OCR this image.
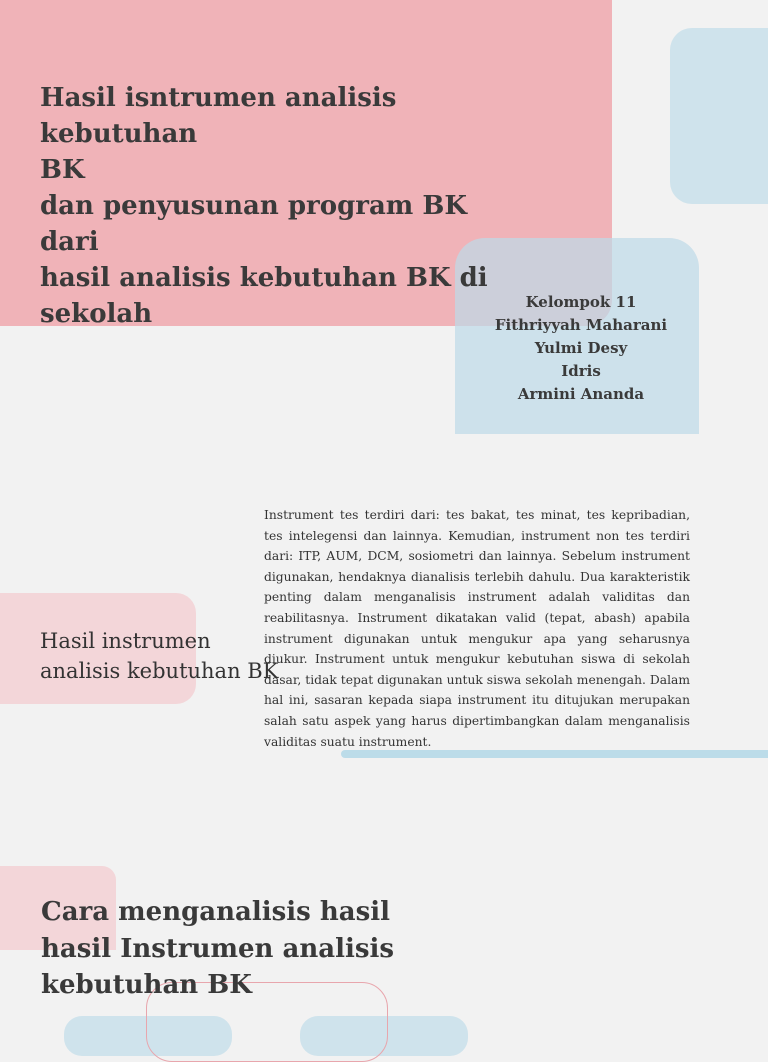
Hasil isntrumen analisis kebutuhan
BK
dan penyusunan program BK dari
hasil analisis kebutuhan BK di
sekolah	Kelompok 11
Fithriyyah Maharani
Yulmi Desy
Idris
Armini Ananda
Hasil instrumen
analisis kebutuhan BK

Instrument tes terdiri dari: tes bakat, tes minat, tes kepribadian, tes intelegensi dan lainnya. Kemudian, instrument non tes terdiri dari: ITP, AUM, DCM, sosiometri dan lainnya. Sebelum instrument digunakan, hendaknya dianalisis terlebih dahulu. Dua karakteristik penting dalam menganalisis instrument adalah validitas dan reabilitasnya. Instrument dikatakan valid (tepat, abash) apabila instrument digunakan untuk mengukur apa yang seharusnya diukur. Instrument untuk mengukur kebutuhan siswa di sekolah dasar, tidak tepat digunakan untuk siswa sekolah menengah. Dalam hal ini, sasaran kepada siapa instrument itu ditujukan merupakan salah satu aspek yang harus dipertimbangkan dalam menganalisis validitas suatu instrument.

Cara menganalisis hasil
hasil Instrumen analisis
kebutuhan BK
